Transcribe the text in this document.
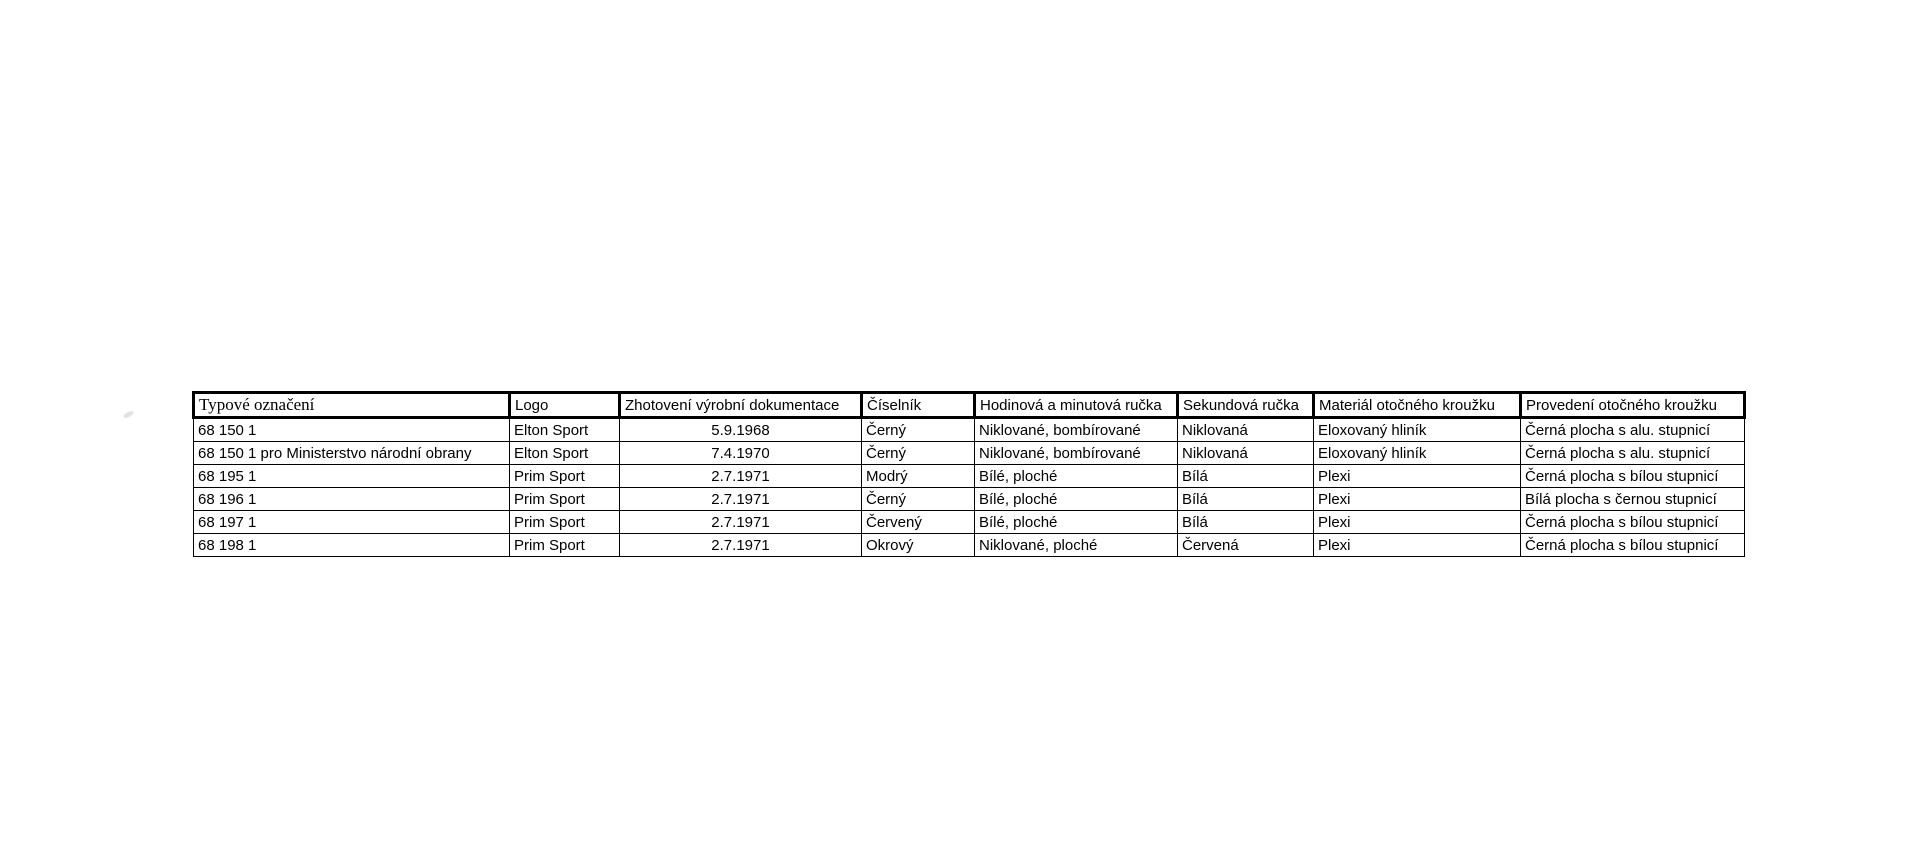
Typové označení	Logo	Zhotovení výrobní dokumentace	Číselník	Hodinová a minutová ručka	Sekundová ručka	Materiál otočného kroužku	Provedení otočného kroužku
68 150 1	Elton Sport	5.9.1968	Černý	Niklované, bombírované	Niklovaná	Eloxovaný hliník	Černá plocha s alu. stupnicí
68 150 1 pro Ministerstvo národní obrany	Elton Sport	7.4.1970	Černý	Niklované, bombírované	Niklovaná	Eloxovaný hliník	Černá plocha s alu. stupnicí
68 195 1	Prim Sport	2.7.1971	Modrý	Bílé, ploché	Bílá	Plexi	Černá plocha s bílou stupnicí
68 196 1	Prim Sport	2.7.1971	Černý	Bílé, ploché	Bílá	Plexi	Bílá plocha s černou stupnicí
68 197 1	Prim Sport	2.7.1971	Červený	Bílé, ploché	Bílá	Plexi	Černá plocha s bílou stupnicí
68 198 1	Prim Sport	2.7.1971	Okrový	Niklované, ploché	Červená	Plexi	Černá plocha s bílou stupnicí
